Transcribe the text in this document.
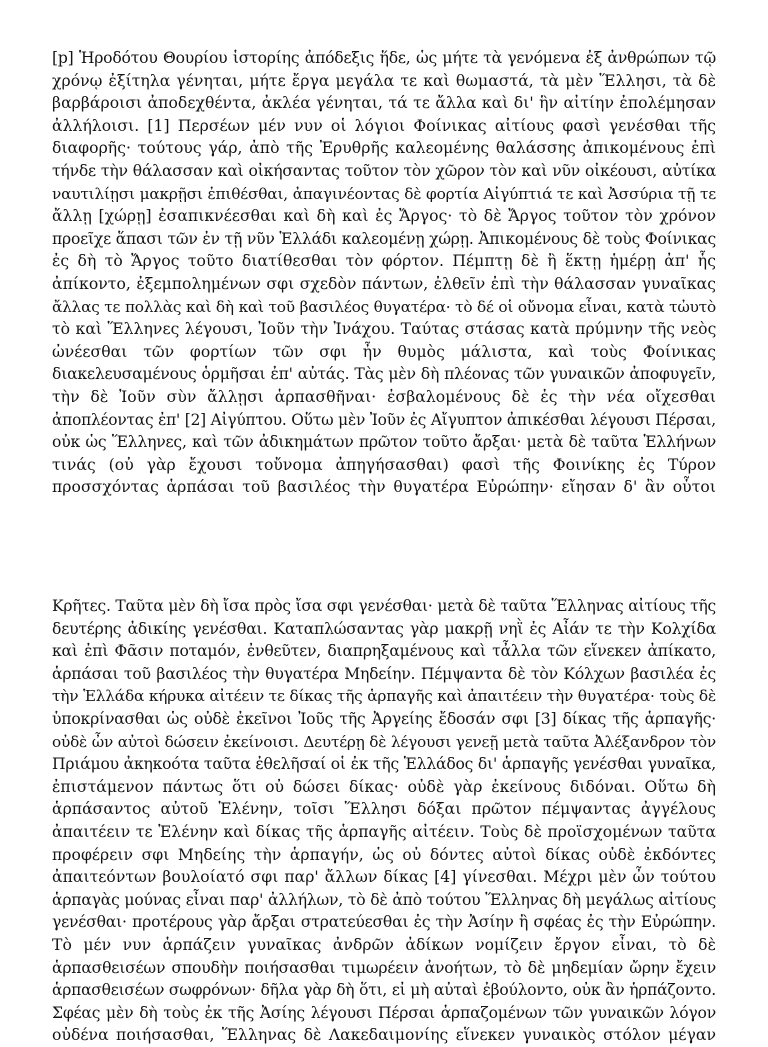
[p] Ἡροδότου Θουρίου ἱστορίης ἀπόδεξις ἥδε, ὡς μήτε τὰ γενόμενα ἐξ ἀνθρώπων τῷ
χρόνῳ ἐξίτηλα γένηται, μήτε ἔργα μεγάλα τε καὶ θωμαστά, τὰ μὲν Ἕλλησι, τὰ δὲ
βαρβάροισι ἀποδεχθέντα, ἀκλέα γένηται, τά τε ἄλλα καὶ δι' ἣν αἰτίην ἐπολέμησαν
ἀλλήλοισι. [1] Περσέων μέν νυν οἱ λόγιοι Φοίνικας αἰτίους φασὶ γενέσθαι τῆς
διαφορῆς· τούτους γάρ, ἀπὸ τῆς Ἐρυθρῆς καλεομένης θαλάσσης ἀπικομένους ἐπὶ
τήνδε τὴν θάλασσαν καὶ οἰκήσαντας τοῦτον τὸν χῶρον τὸν καὶ νῦν οἰκέουσι, αὐτίκα
ναυτιλίῃσι μακρῇσι ἐπιθέσθαι, ἀπαγινέοντας δὲ φορτία Αἰγύπτιά τε καὶ Ἀσσύρια τῇ τε
ἄλλῃ [χώρῃ] ἐσαπικνέεσθαι καὶ δὴ καὶ ἐς Ἄργος· τὸ δὲ Ἄργος τοῦτον τὸν χρόνον
προεῖχε ἅπασι τῶν ἐν τῇ νῦν Ἑλλάδι καλεομένῃ χώρῃ. Ἀπικομένους δὲ τοὺς Φοίνικας
ἐς δὴ τὸ Ἄργος τοῦτο διατίθεσθαι τὸν φόρτον. Πέμπτῃ δὲ ἢ ἕκτῃ ἡμέρῃ ἀπ' ἧς
ἀπίκοντο, ἐξεμπολημένων σφι σχεδὸν πάντων, ἐλθεῖν ἐπὶ τὴν θάλασσαν γυναῖκας
ἄλλας τε πολλὰς καὶ δὴ καὶ τοῦ βασιλέος θυγατέρα· τὸ δέ οἱ οὔνομα εἶναι, κατὰ τὠυτὸ
τὸ καὶ Ἕλληνες λέγουσι, Ἰοῦν τὴν Ἰνάχου. Ταύτας στάσας κατὰ πρύμνην τῆς νεὸς
ὠνέεσθαι τῶν φορτίων τῶν σφι ἦν θυμὸς μάλιστα, καὶ τοὺς Φοίνικας
διακελευσαμένους ὁρμῆσαι ἐπ' αὐτάς. Τὰς μὲν δὴ πλέονας τῶν γυναικῶν ἀποφυγεῖν,
τὴν δὲ Ἰοῦν σὺν ἄλλῃσι ἁρπασθῆναι· ἐσβαλομένους δὲ ἐς τὴν νέα οἴχεσθαι
ἀποπλέοντας ἐπ' [2] Αἰγύπτου. Οὕτω μὲν Ἰοῦν ἐς Αἴγυπτον ἀπικέσθαι λέγουσι Πέρσαι,
οὐκ ὡς Ἕλληνες, καὶ τῶν ἀδικημάτων πρῶτον τοῦτο ἄρξαι· μετὰ δὲ ταῦτα Ἑλλήνων
τινάς (οὐ γὰρ ἔχουσι τοὔνομα ἀπηγήσασθαι) φασὶ τῆς Φοινίκης ἐς Τύρον
προσσχόντας ἁρπάσαι τοῦ βασιλέος τὴν θυγατέρα Εὐρώπην· εἴησαν δ' ἂν οὗτοι
Κρῆτες. Ταῦτα μὲν δὴ ἴσα πρὸς ἴσα σφι γενέσθαι· μετὰ δὲ ταῦτα Ἕλληνας αἰτίους τῆς
δευτέρης ἀδικίης γενέσθαι. Καταπλώσαντας γὰρ μακρῇ νηῒ ἐς Αἶάν τε τὴν Κολχίδα
καὶ ἐπὶ Φᾶσιν ποταμόν, ἐνθεῦτεν, διαπρηξαμένους καὶ τἆλλα τῶν εἵνεκεν ἀπίκατο,
ἁρπάσαι τοῦ βασιλέος τὴν θυγατέρα Μηδείην. Πέμψαντα δὲ τὸν Κόλχων βασιλέα ἐς
τὴν Ἑλλάδα κήρυκα αἰτέειν τε δίκας τῆς ἁρπαγῆς καὶ ἀπαιτέειν τὴν θυγατέρα· τοὺς δὲ
ὑποκρίνασθαι ὡς οὐδὲ ἐκεῖνοι Ἰοῦς τῆς Ἀργείης ἔδοσάν σφι [3] δίκας τῆς ἁρπαγῆς·
οὐδὲ ὦν αὐτοὶ δώσειν ἐκείνοισι. Δευτέρῃ δὲ λέγουσι γενεῇ μετὰ ταῦτα Ἀλέξανδρον τὸν
Πριάμου ἀκηκοότα ταῦτα ἐθελῆσαί οἱ ἐκ τῆς Ἑλλάδος δι' ἁρπαγῆς γενέσθαι γυναῖκα,
ἐπιστάμενον πάντως ὅτι οὐ δώσει δίκας· οὐδὲ γὰρ ἐκείνους διδόναι. Οὕτω δὴ
ἁρπάσαντος αὐτοῦ Ἑλένην, τοῖσι Ἕλλησι δόξαι πρῶτον πέμψαντας ἀγγέλους
ἀπαιτέειν τε Ἑλένην καὶ δίκας τῆς ἁρπαγῆς αἰτέειν. Τοὺς δὲ προϊσχομένων ταῦτα
προφέρειν σφι Μηδείης τὴν ἁρπαγήν, ὡς οὐ δόντες αὐτοὶ δίκας οὐδὲ ἐκδόντες
ἀπαιτεόντων βουλοίατό σφι παρ' ἄλλων δίκας [4] γίνεσθαι. Μέχρι μὲν ὦν τούτου
ἁρπαγὰς μούνας εἶναι παρ' ἀλλήλων, τὸ δὲ ἀπὸ τούτου Ἕλληνας δὴ μεγάλως αἰτίους
γενέσθαι· προτέρους γὰρ ἄρξαι στρατεύεσθαι ἐς τὴν Ἀσίην ἢ σφέας ἐς τὴν Εὐρώπην.
Τὸ μέν νυν ἁρπάζειν γυναῖκας ἀνδρῶν ἀδίκων νομίζειν ἔργον εἶναι, τὸ δὲ
ἁρπασθεισέων σπουδὴν ποιήσασθαι τιμωρέειν ἀνοήτων, τὸ δὲ μηδεμίαν ὤρην ἔχειν
ἁρπασθεισέων σωφρόνων· δῆλα γὰρ δὴ ὅτι, εἰ μὴ αὐταὶ ἐβούλοντο, οὐκ ἂν ἡρπάζοντο.
Σφέας μὲν δὴ τοὺς ἐκ τῆς Ἀσίης λέγουσι Πέρσαι ἁρπαζομένων τῶν γυναικῶν λόγον
οὐδένα ποιήσασθαι, Ἕλληνας δὲ Λακεδαιμονίης εἵνεκεν γυναικὸς στόλον μέγαν
